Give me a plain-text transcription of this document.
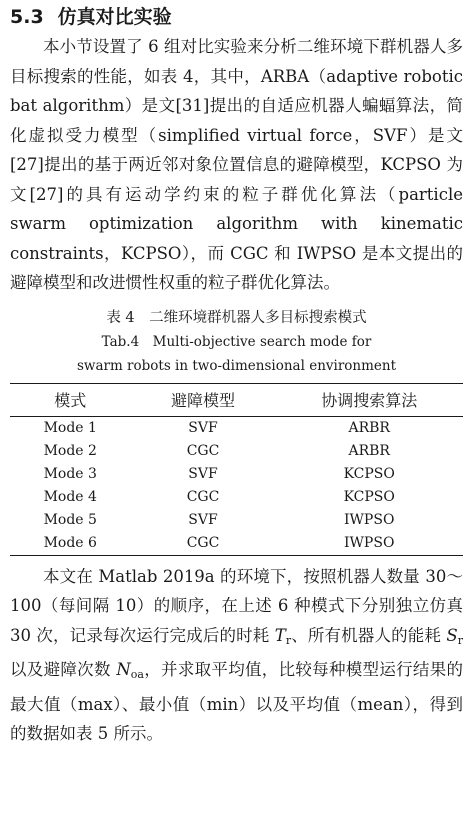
5.3 仿真对比实验

本小节设置了 6 组对比实验来分析二维环境下群机器人多目标搜索的性能，如表 4，其中，ARBA（adaptive robotic bat algorithm）是文[31]提出的自适应机器人蝙蝠算法，简化虚拟受力模型（simplified virtual force，SVF）是文[27]提出的基于两近邻对象位置信息的避障模型，KCPSO 为文[27]的具有运动学约束的粒子群优化算法（particle swarm optimization algorithm with kinematic constraints，KCPSO），而 CGC 和 IWPSO 是本文提出的避障模型和改进惯性权重的粒子群优化算法。

表 4　二维环境群机器人多目标搜索模式
Tab.4　Multi-objective search mode for
swarm robots in two-dimensional environment
模式	避障模型	协调搜索算法
Mode 1	SVF	ARBR
Mode 2	CGC	ARBR
Mode 3	SVF	KCPSO
Mode 4	CGC	KCPSO
Mode 5	SVF	IWPSO
Mode 6	CGC	IWPSO

本文在 Matlab 2019a 的环境下，按照机器人数量 30～100（每间隔 10）的顺序，在上述 6 种模式下分别独立仿真 30 次，记录每次运行完成后的时耗 $T_r$、所有机器人的能耗 $S_r$ 以及避障次数 $N_{oa}$，并求取平均值，比较每种模型运行结果的最大值（max）、最小值（min）以及平均值（mean），得到的数据如表 5 所示。
